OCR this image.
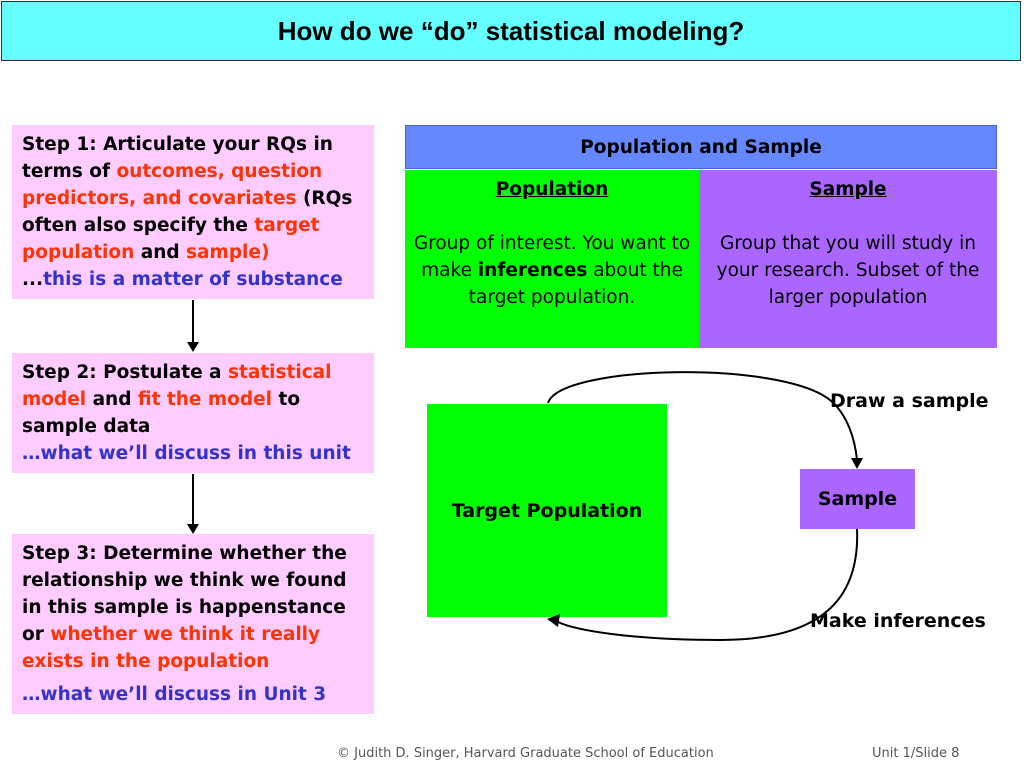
How do we “do” statistical modeling?
Step 1: Articulate your RQs in terms of outcomes, question predictors, and covariates (RQs often also specify the target population and sample)
...this is a matter of substance
Step 2: Postulate a statistical model and fit the model to sample data
…what we’ll discuss in this unit
Step 3: Determine whether the relationship we think we found in this sample is happenstance or whether we think it really exists in the population
…what we’ll discuss in Unit 3
Population and Sample
Population
Group of interest. You want to make inferences about the target population.
Sample
Group that you will study in your research. Subset of the larger population
Target Population
Sample
Draw a sample
Make inferences
© Judith D. Singer, Harvard Graduate School of Education	Unit 1/Slide 8
